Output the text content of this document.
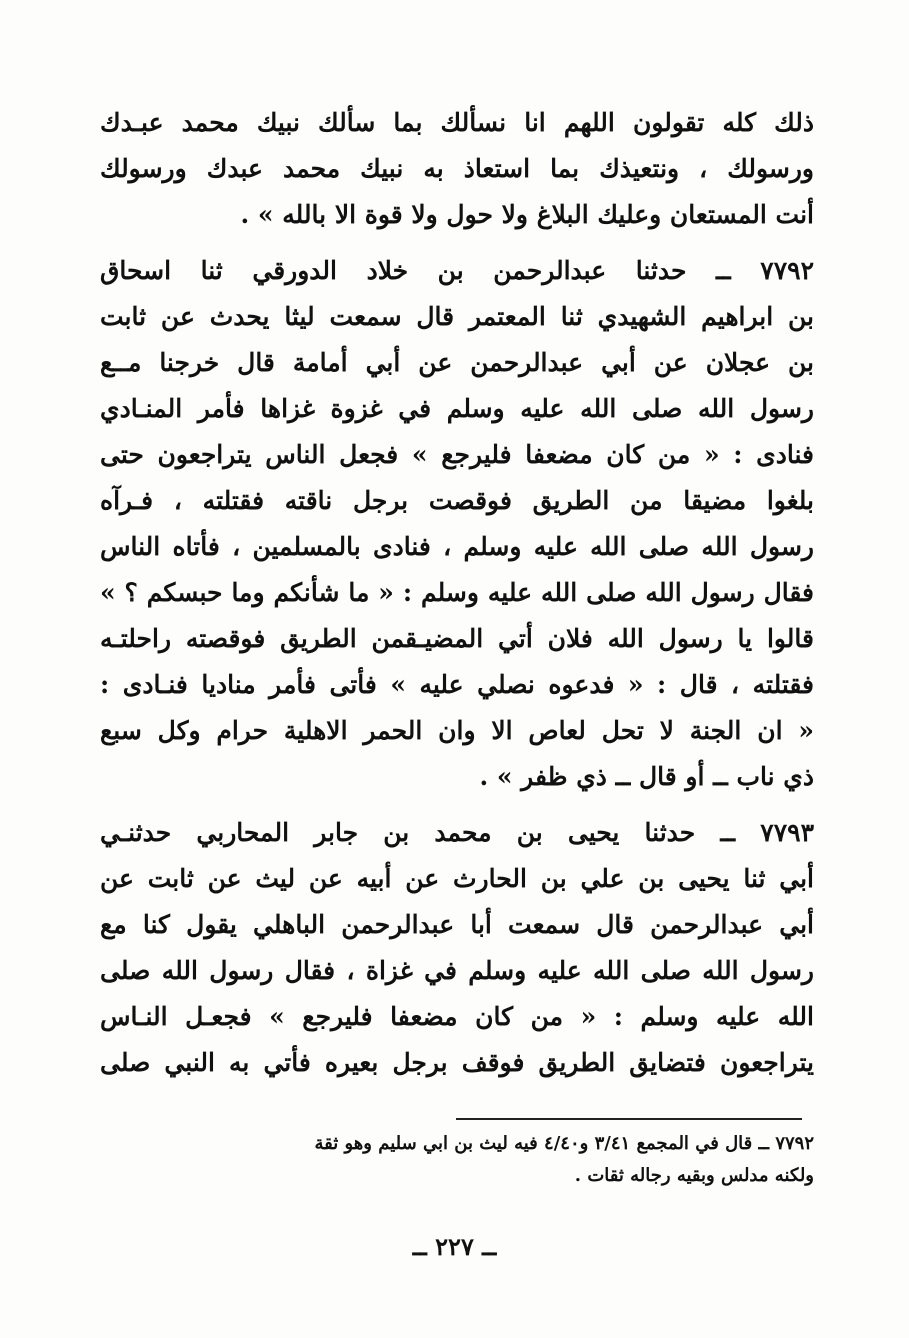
ذلك كله تقولون اللهم انا نسألك بما سألك نبيك محمد عبـدك
ورسولك ، ونتعيذك بما استعاذ به نبيك محمد عبدك ورسولك
أنت المستعان وعليك البلاغ ولا حول ولا قوة الا بالله » .
٧٧٩٢ ــ حدثنا عبدالرحمن بن خلاد الدورقي ثنا اسحاق
بن ابراهيم الشهيدي ثنا المعتمر قال سمعت ليثا يحدث عن ثابت
بن عجلان عن أبي عبدالرحمن عن أبي أمامة قال خرجنا مــع
رسول الله صلى الله عليه وسلم في غزوة غزاها فأمر المنـادي
فنادى : « من كان مضعفا فليرجع » فجعل الناس يتراجعون حتى
بلغوا مضيقا من الطريق فوقصت برجل ناقته فقتلته ، فـرآه
رسول الله صلى الله عليه وسلم ، فنادى بالمسلمين ، فأتاه الناس
فقال رسول الله صلى الله عليه وسلم : « ما شأنكم وما حبسكم ؟ »
قالوا يا رسول الله فلان أتي المضيـقمن الطريق فوقصته راحلتـه
فقتلته ، قال : « فدعوه نصلي عليه » فأتى فأمر مناديا فنـادى :
« ان الجنة لا تحل لعاص الا وان الحمر الاهلية حرام وكل سبع
ذي ناب ــ أو قال ــ ذي ظفر » .
٧٧٩٣ ــ حدثنا يحيى بن محمد بن جابر المحاربي حدثنـي
أبي ثنا يحيى بن علي بن الحارث عن أبيه عن ليث عن ثابت عن
أبي عبدالرحمن قال سمعت أبا عبدالرحمن الباهلي يقول كنا مع
رسول الله صلى الله عليه وسلم في غزاة ، فقال رسول الله صلى
الله عليه وسلم : « من كان مضعفا فليرجع » فجعـل النـاس
يتراجعون فتضايق الطريق فوقف برجل بعيره فأتي به النبي صلى
٧٧٩٢ ــ قال في المجمع ٣/٤١ و٤/٤٠ فيه ليث بن ابي سليم وهو ثقة
ولكنه مدلس وبقيه رجاله ثقات .
ــ ٢٢٧ ــ
